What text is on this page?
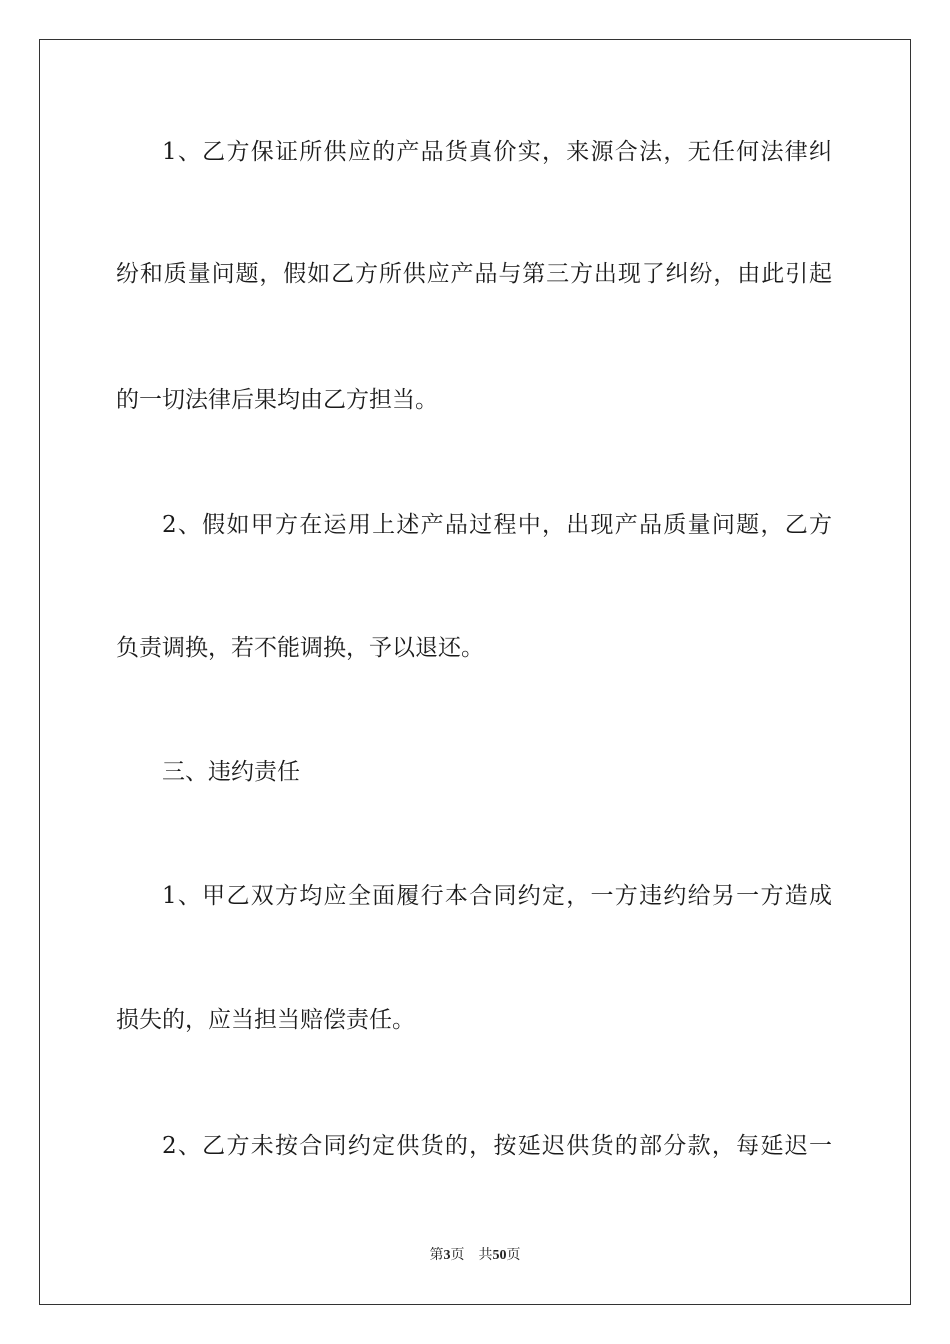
1、乙方保证所供应的产品货真价实，来源合法，无任何法律纠
纷和质量问题，假如乙方所供应产品与第三方出现了纠纷，由此引起
的一切法律后果均由乙方担当。
2、假如甲方在运用上述产品过程中，出现产品质量问题，乙方
负责调换，若不能调换，予以退还。
三、违约责任
1、甲乙双方均应全面履行本合同约定，一方违约给另一方造成
损失的，应当担当赔偿责任。
2、乙方未按合同约定供货的，按延迟供货的部分款，每延迟一
第3页 共50页
